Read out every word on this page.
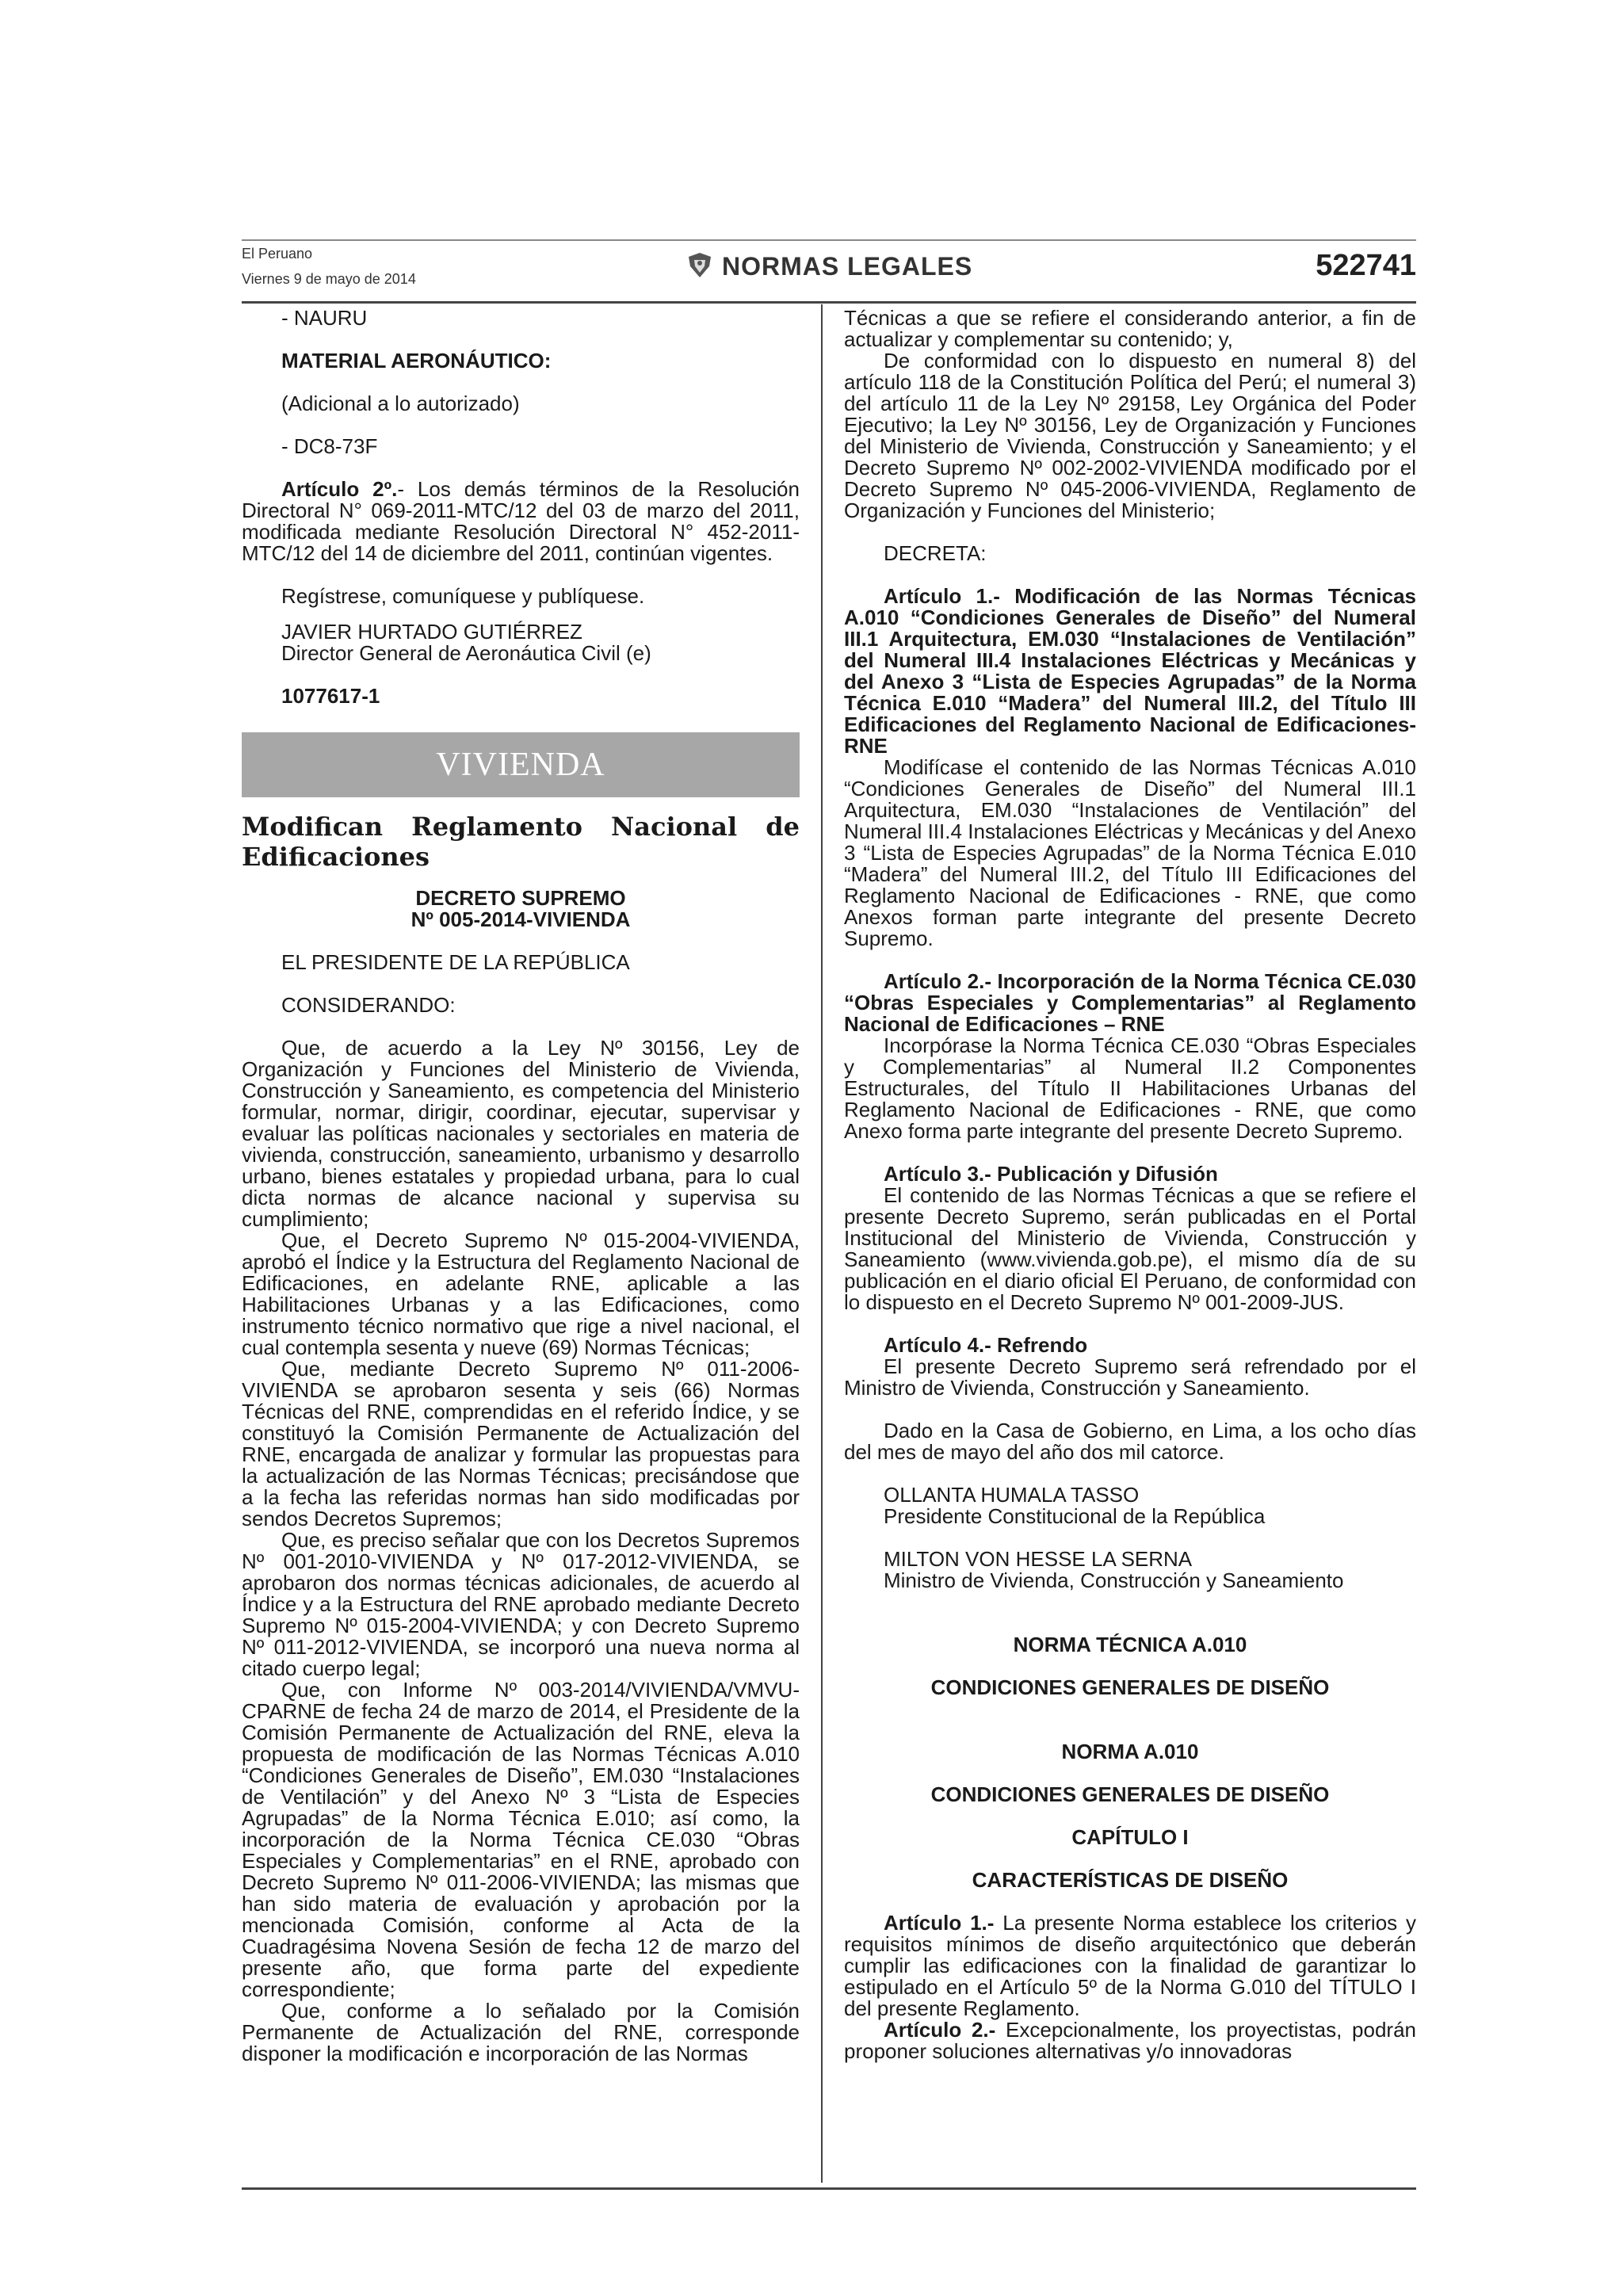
El Peruano
Viernes 9 de mayo de 2014	NORMAS LEGALES	522741

- NAURU

MATERIAL AERONÁUTICO:

(Adicional a lo autorizado)

- DC8-73F

Artículo 2º.- Los demás términos de la Resolución Directoral N° 069-2011-MTC/12 del 03 de marzo del 2011, modificada mediante Resolución Directoral N° 452-2011-MTC/12 del 14 de diciembre del 2011, continúan vigentes.

Regístrese, comuníquese y publíquese.

JAVIER HURTADO GUTIÉRREZ

Director General de Aeronáutica Civil (e)

1077617-1

VIVIENDA
Modifican Reglamento Nacional de Edificaciones

DECRETO SUPREMO

Nº 005-2014-VIVIENDA

EL PRESIDENTE DE LA REPÚBLICA

CONSIDERANDO:

Que, de acuerdo a la Ley Nº 30156, Ley de Organización y Funciones del Ministerio de Vivienda, Construcción y Saneamiento, es competencia del Ministerio formular, normar, dirigir, coordinar, ejecutar, supervisar y evaluar las políticas nacionales y sectoriales en materia de vivienda, construcción, saneamiento, urbanismo y desarrollo urbano, bienes estatales y propiedad urbana, para lo cual dicta normas de alcance nacional y supervisa su cumplimiento;

Que, el Decreto Supremo Nº 015-2004-VIVIENDA, aprobó el Índice y la Estructura del Reglamento Nacional de Edificaciones, en adelante RNE, aplicable a las Habilitaciones Urbanas y a las Edificaciones, como instrumento técnico normativo que rige a nivel nacional, el cual contempla sesenta y nueve (69) Normas Técnicas;

Que, mediante Decreto Supremo Nº 011-2006-VIVIENDA se aprobaron sesenta y seis (66) Normas Técnicas del RNE, comprendidas en el referido Índice, y se constituyó la Comisión Permanente de Actualización del RNE, encargada de analizar y formular las propuestas para la actualización de las Normas Técnicas; precisándose que a la fecha las referidas normas han sido modificadas por sendos Decretos Supremos;

Que, es preciso señalar que con los Decretos Supremos Nº 001-2010-VIVIENDA y Nº 017-2012-VIVIENDA, se aprobaron dos normas técnicas adicionales, de acuerdo al Índice y a la Estructura del RNE aprobado mediante Decreto Supremo Nº 015-2004-VIVIENDA; y con Decreto Supremo Nº 011-2012-VIVIENDA, se incorporó una nueva norma al citado cuerpo legal;

Que, con Informe Nº 003-2014/VIVIENDA/VMVU-CPARNE de fecha 24 de marzo de 2014, el Presidente de la Comisión Permanente de Actualización del RNE, eleva la propuesta de modificación de las Normas Técnicas A.010 “Condiciones Generales de Diseño”, EM.030 “Instalaciones de Ventilación” y del Anexo Nº 3 “Lista de Especies Agrupadas” de la Norma Técnica E.010; así como, la incorporación de la Norma Técnica CE.030 “Obras Especiales y Complementarias” en el RNE, aprobado con Decreto Supremo Nº 011-2006-VIVIENDA; las mismas que han sido materia de evaluación y aprobación por la mencionada Comisión, conforme al Acta de la Cuadragésima Novena Sesión de fecha 12 de marzo del presente año, que forma parte del expediente correspondiente;

Que, conforme a lo señalado por la Comisión Permanente de Actualización del RNE, corresponde disponer la modificación e incorporación de las Normas

Técnicas a que se refiere el considerando anterior, a fin de actualizar y complementar su contenido; y,

De conformidad con lo dispuesto en numeral 8) del artículo 118 de la Constitución Política del Perú; el numeral 3) del artículo 11 de la Ley Nº 29158, Ley Orgánica del Poder Ejecutivo; la Ley Nº 30156, Ley de Organización y Funciones del Ministerio de Vivienda, Construcción y Saneamiento; y el Decreto Supremo Nº 002-2002-VIVIENDA modificado por el Decreto Supremo Nº 045-2006-VIVIENDA, Reglamento de Organización y Funciones del Ministerio;

DECRETA:

Artículo 1.- Modificación de las Normas Técnicas A.010 “Condiciones Generales de Diseño” del Numeral III.1 Arquitectura, EM.030 “Instalaciones de Ventilación” del Numeral III.4 Instalaciones Eléctricas y Mecánicas y del Anexo 3 “Lista de Especies Agrupadas” de la Norma Técnica E.010 “Madera” del Numeral III.2, del Título III Edificaciones del Reglamento Nacional de Edificaciones-RNE

Modifícase el contenido de las Normas Técnicas A.010 “Condiciones Generales de Diseño” del Numeral III.1 Arquitectura, EM.030 “Instalaciones de Ventilación” del Numeral III.4 Instalaciones Eléctricas y Mecánicas y del Anexo 3 “Lista de Especies Agrupadas” de la Norma Técnica E.010 “Madera” del Numeral III.2, del Título III Edificaciones del Reglamento Nacional de Edificaciones - RNE, que como Anexos forman parte integrante del presente Decreto Supremo.

Artículo 2.- Incorporación de la Norma Técnica CE.030 “Obras Especiales y Complementarias” al Reglamento Nacional de Edificaciones – RNE

Incorpórase la Norma Técnica CE.030 “Obras Especiales y Complementarias” al Numeral II.2 Componentes Estructurales, del Título II Habilitaciones Urbanas del Reglamento Nacional de Edificaciones - RNE, que como Anexo forma parte integrante del presente Decreto Supremo.

Artículo 3.- Publicación y Difusión

El contenido de las Normas Técnicas a que se refiere el presente Decreto Supremo, serán publicadas en el Portal Institucional del Ministerio de Vivienda, Construcción y Saneamiento (www.vivienda.gob.pe), el mismo día de su publicación en el diario oficial El Peruano, de conformidad con lo dispuesto en el Decreto Supremo Nº 001-2009-JUS.

Artículo 4.- Refrendo

El presente Decreto Supremo será refrendado por el Ministro de Vivienda, Construcción y Saneamiento.

Dado en la Casa de Gobierno, en Lima, a los ocho días del mes de mayo del año dos mil catorce.

OLLANTA HUMALA TASSO

Presidente Constitucional de la República

MILTON VON HESSE LA SERNA

Ministro de Vivienda, Construcción y Saneamiento

NORMA TÉCNICA A.010

CONDICIONES GENERALES DE DISEÑO

NORMA A.010

CONDICIONES GENERALES DE DISEÑO

CAPÍTULO I

CARACTERÍSTICAS DE DISEÑO

Artículo 1.- La presente Norma establece los criterios y requisitos mínimos de diseño arquitectónico que deberán cumplir las edificaciones con la finalidad de garantizar lo estipulado en el Artículo 5º de la Norma G.010 del TÍTULO I del presente Reglamento.

Artículo 2.- Excepcionalmente, los proyectistas, podrán proponer soluciones alternativas y/o innovadoras
